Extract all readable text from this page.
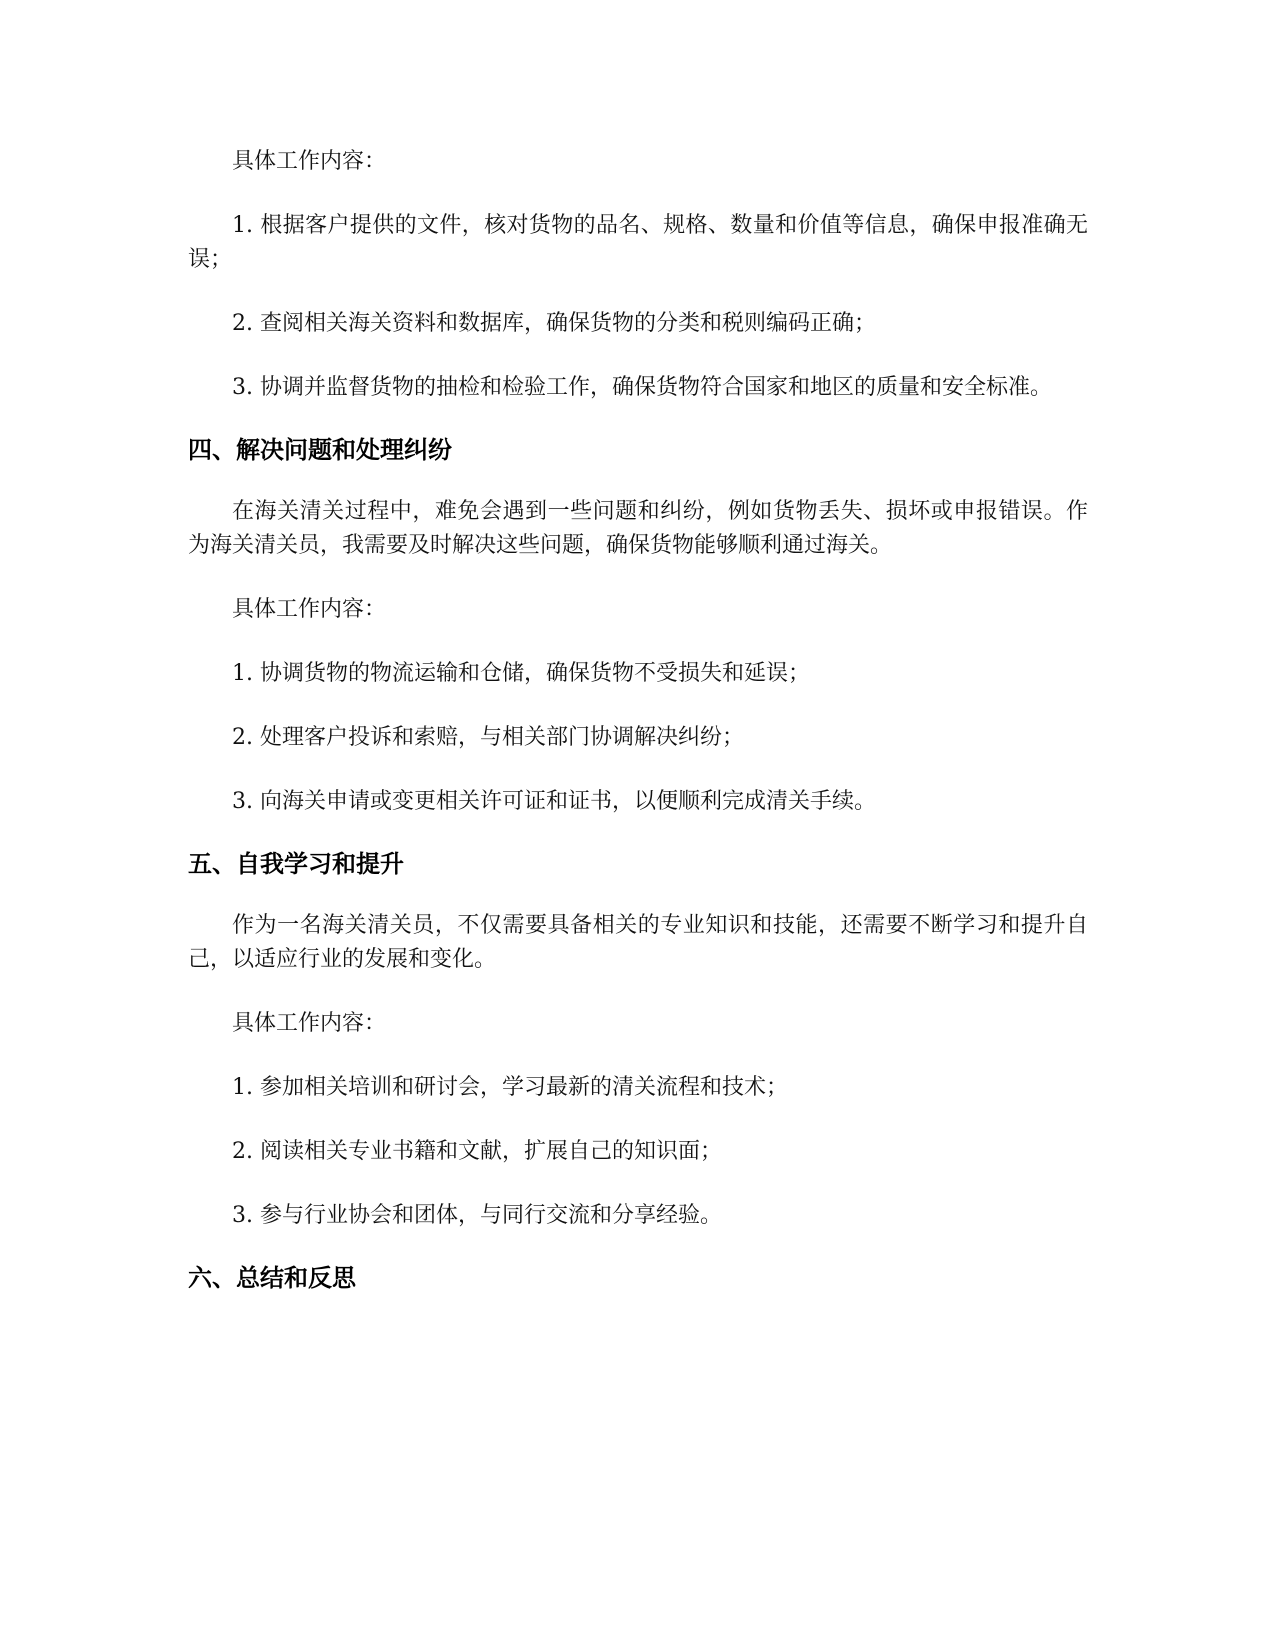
具体工作内容：

1. 根据客户提供的文件，核对货物的品名、规格、数量和价值等信息，确保申报准确无误；

2. 查阅相关海关资料和数据库，确保货物的分类和税则编码正确；

3. 协调并监督货物的抽检和检验工作，确保货物符合国家和地区的质量和安全标准。

四、解决问题和处理纠纷

在海关清关过程中，难免会遇到一些问题和纠纷，例如货物丢失、损坏或申报错误。作为海关清关员，我需要及时解决这些问题，确保货物能够顺利通过海关。

具体工作内容：

1. 协调货物的物流运输和仓储，确保货物不受损失和延误；

2. 处理客户投诉和索赔，与相关部门协调解决纠纷；

3. 向海关申请或变更相关许可证和证书，以便顺利完成清关手续。

五、自我学习和提升

作为一名海关清关员，不仅需要具备相关的专业知识和技能，还需要不断学习和提升自己，以适应行业的发展和变化。

具体工作内容：

1. 参加相关培训和研讨会，学习最新的清关流程和技术；

2. 阅读相关专业书籍和文献，扩展自己的知识面；

3. 参与行业协会和团体，与同行交流和分享经验。

六、总结和反思
